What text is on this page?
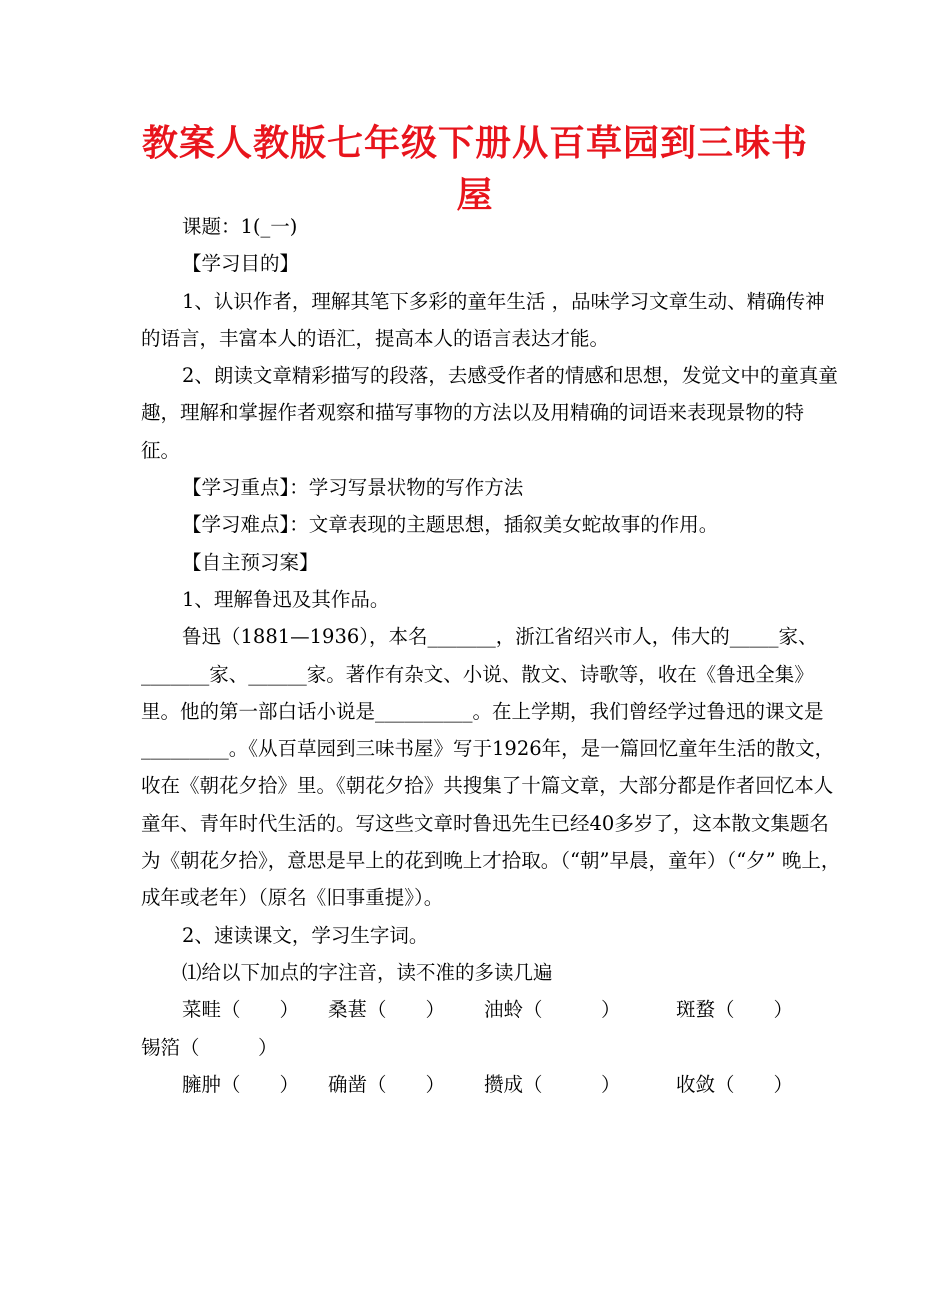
教案人教版七年级下册从百草园到三味书屋

课题：1(_一)

【学习目的】

1、认识作者，理解其笔下多彩的童年生活 ，品味学习文章生动、精确传神的语言，丰富本人的语汇，提高本人的语言表达才能。

2、朗读文章精彩描写的段落，去感受作者的情感和思想，发觉文中的童真童趣，理解和掌握作者观察和描写事物的方法以及用精确的词语来表现景物的特征。

【学习重点】：学习写景状物的写作方法

【学习难点】：文章表现的主题思想，插叙美女蛇故事的作用。

【自主预习案】

1、理解鲁迅及其作品。

鲁迅（1881—1936），本名_______，浙江省绍兴市人，伟大的_____家、_______家、______家。著作有杂文、小说、散文、诗歌等，收在《鲁迅全集》里。他的第一部白话小说是__________。在上学期，我们曾经学过鲁迅的课文是 _________。《从百草园到三味书屋》写于1926年，是一篇回忆童年生活的散文，收在《朝花夕拾》里。《朝花夕拾》共搜集了十篇文章，大部分都是作者回忆本人童年、青年时代生活的。写这些文章时鲁迅先生已经40多岁了，这本散文集题名为《朝花夕拾》，意思是早上的花到晚上才拾取。（“朝”早晨，童年）（“夕” 晚上，成年或老年）（原名《旧事重提》）。

2、速读课文，学习生字词。

⑴给以下加点的字注音，读不准的多读几遍

菜畦（　　）

桑葚（　　）

油蛉（　　　）

	斑蝥（　　）

锡箔（　　　）

臃肿（　　）

确凿（　　）

攒成（　　　）

	收敛（　　）
